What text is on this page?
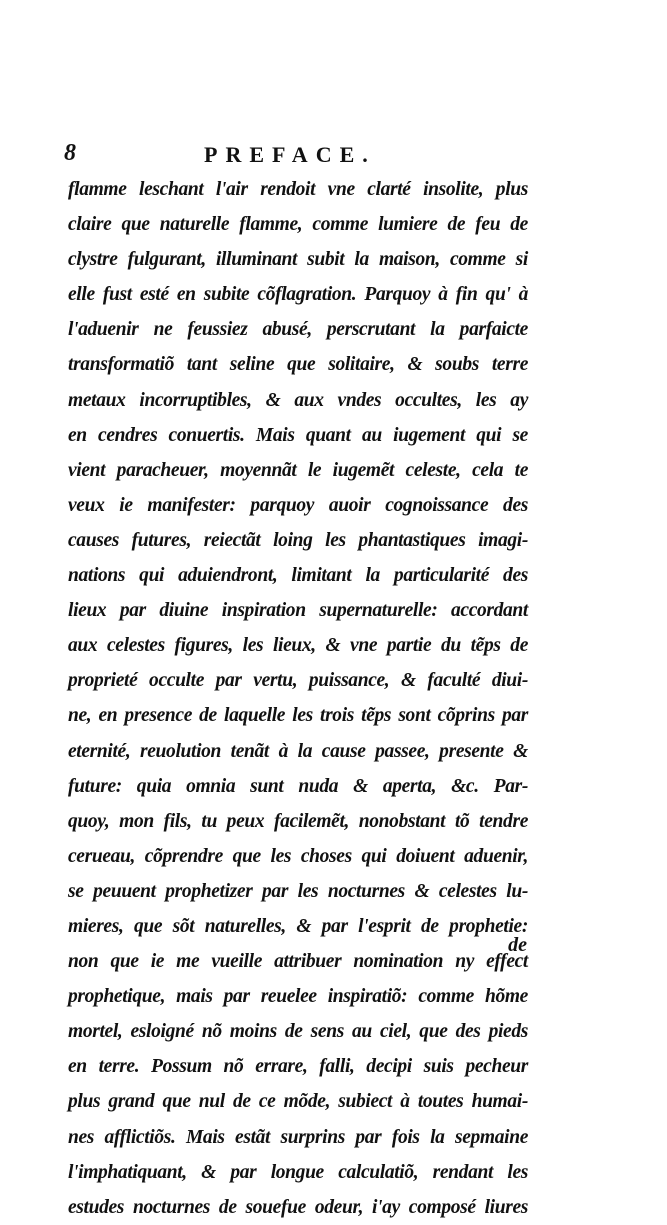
8	PREFACE.
flamme leschant l'air rendoit vne clarté insolite, plus
claire que naturelle flamme, comme lumiere de feu de
clystre fulgurant, illuminant subit la maison, comme si
elle fust esté en subite cõflagration. Parquoy à fin qu' à
l'aduenir ne feussiez abusé, perscrutant la parfaicte
transformatiõ tant seline que solitaire, & soubs terre
metaux incorruptibles, & aux vndes occultes, les ay
en cendres conuertis. Mais quant au iugement qui se
vient paracheuer, moyennãt le iugemẽt celeste, cela te
veux ie manifester: parquoy auoir cognoissance des
causes futures, reiectãt loing les phantastiques imagi-
nations qui aduiendront, limitant la particularité des
lieux par diuine inspiration supernaturelle: accordant
aux celestes figures, les lieux, & vne partie du tẽps de
proprieté occulte par vertu, puissance, & faculté diui-
ne, en presence de laquelle les trois tẽps sont cõprins par
eternité, reuolution tenãt à la cause passee, presente &
future: quia omnia sunt nuda & aperta, &c. Par-
quoy, mon fils, tu peux facilemẽt, nonobstant tõ tendre
cerueau, cõprendre que les choses qui doiuent aduenir,
se peuuent prophetizer par les nocturnes & celestes lu-
mieres, que sõt naturelles, & par l'esprit de prophetie:
non que ie me vueille attribuer nomination ny effect
prophetique, mais par reuelee inspiratiõ: comme hõme
mortel, esloigné nõ moins de sens au ciel, que des pieds
en terre. Possum nõ errare, falli, decipi suis pecheur
plus grand que nul de ce mõde, subiect à toutes humai-
nes afflictiõs. Mais estãt surprins par fois la sepmaine
l'imphatiquant, & par longue calculatiõ, rendant les
estudes nocturnes de souefue odeur, i'ay composé liures
de
